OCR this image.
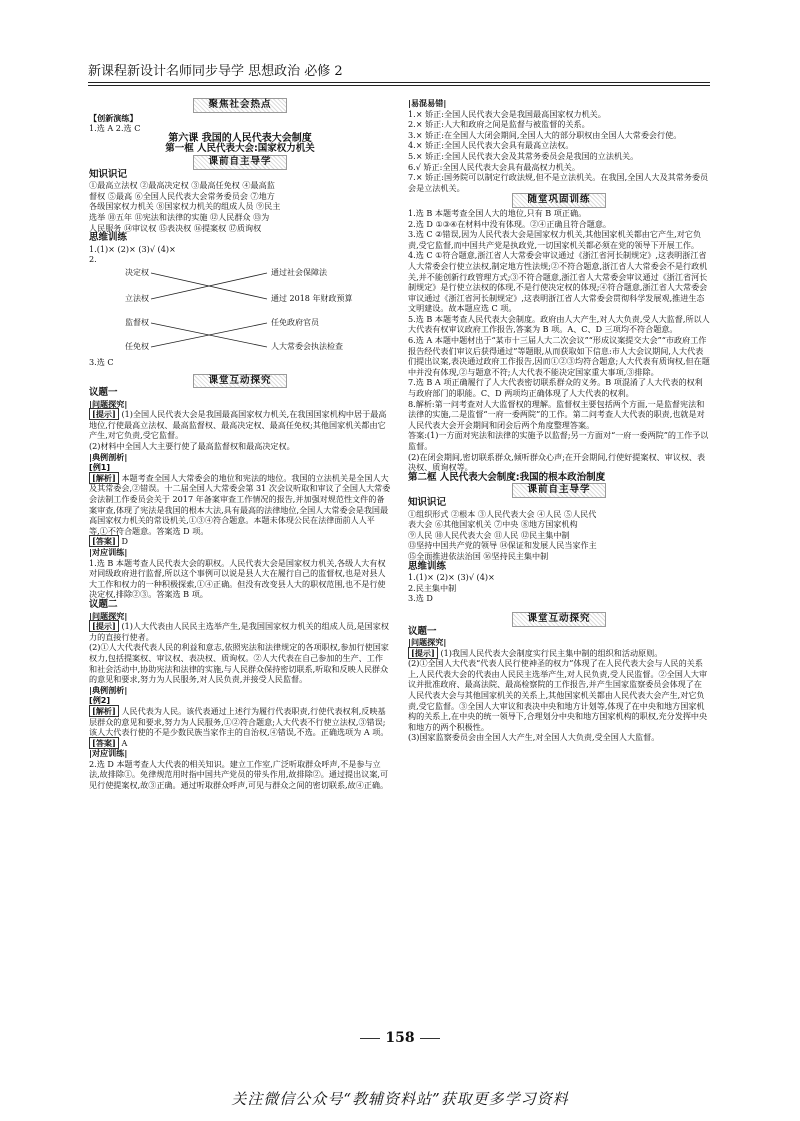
新课程新设计名师同步导学 思想政治 必修 2
聚焦社会热点
【创新演练】

1.选 A 2.选 C

第六课 我国的人民代表大会制度
第一框 人民代表大会:国家权力机关
课前自主导学
知识识记

①最高立法权 ②最高决定权 ③最高任免权 ④最高监

督权 ⑤最高 ⑥全国人民代表大会常务委员会 ⑦地方

各级国家权力机关 ⑧国家权力机关的组成人员 ⑨民主

选举 ⑩五年 ⑪宪法和法律的实施 ⑫人民群众 ⑬为

人民服务 ⑭审议权 ⑮表决权 ⑯提案权 ⑰质询权

思维训练

1.(1)× (2)× (3)√ (4)×

2.

决定权
立法权
监督权
任免权
通过社会保障法
通过 2018 年财政预算
任免政府官员
人大常委会执法检查

3.选 C

课堂互动探究
议题一
|问题探究|

[提示] (1)全国人民代表大会是我国最高国家权力机关,在我国国家机构中居于最高地位,行使最高立法权、最高监督权、最高决定权、最高任免权;其他国家机关都由它产生,对它负责,受它监督。

(2)材料中全国人大主要行使了最高监督权和最高决定权。

|典例剖析|
[例1]

[解析] 本题考查全国人大常委会的地位和宪法的地位。我国的立法机关是全国人大及其常委会,②错误。十二届全国人大常委会第 31 次会议听取和审议了全国人大常委会法制工作委员会关于 2017 年备案审查工作情况的报告,并加强对规范性文件的备案审查,体现了宪法是我国的根本大法,具有最高的法律地位,全国人大常委会是我国最高国家权力机关的常设机关,①③④符合题意。本题未体现公民在法律面前人人平等,①不符合题意。答案选 D 项。

[答案] D

|对应训练|

1.选 B 本题考查人民代表大会的职权。人民代表大会是国家权力机关,各级人大有权对同级政府进行监督,所以这个事例可以说是县人大在履行自己的监督权,也是对县人大工作和权力的一种积极探索,①④正确。但没有改变县人大的职权范围,也不是行使决定权,排除②③。答案选 B 项。

议题二
|问题探究|

[提示] (1)人大代表由人民民主选举产生,是我国国家权力机关的组成人员,是国家权力的直接行使者。

(2)①人大代表代表人民的利益和意志,依照宪法和法律规定的各项职权,参加行使国家权力,包括提案权、审议权、表决权、质询权。②人大代表在自己参加的生产、工作和社会活动中,协助宪法和法律的实施,与人民群众保持密切联系,听取和反映人民群众的意见和要求,努力为人民服务,对人民负责,并接受人民监督。

|典例剖析|
[例2]

[解析] 人民代表为人民。该代表通过上述行为履行代表职责,行使代表权利,反映基层群众的意见和要求,努力为人民服务,①②符合题意;人大代表不行使立法权,③错误;该人大代表行使的不是少数民族当家作主的自治权,④错误,不选。正确选项为 A 项。

[答案] A

|对应训练|

2.选 D 本题考查人大代表的相关知识。建立工作室,广泛听取群众呼声,不是参与立法,故排除①。免律规范用时指中国共产党员的带头作用,故排除②。通过提出议案,可见行使提案权,故③正确。通过听取群众呼声,可见与群众之间的密切联系,故④正确。

|易混易错|

1.× 矫正:全国人民代表大会是我国最高国家权力机关。

2.× 矫正:人大和政府之间是监督与被监督的关系。

3.× 矫正:在全国人大闭会期间,全国人大的部分职权由全国人大常委会行使。

4.× 矫正:全国人民代表大会具有最高立法权。

5.× 矫正:全国人民代表大会及其常务委员会是我国的立法机关。

6.√ 矫正:全国人民代表大会具有最高权力机关。

7.× 矫正:国务院可以制定行政法规,但不是立法机关。在我国,全国人大及其常务委员会是立法机关。

随堂巩固训练

1.选 B 本题考查全国人大的地位,只有 B 项正确。

2.选 D ①③④在材料中没有体现。②④正确且符合题意。

3.选 C ②错误,因为人民代表大会是国家权力机关,其他国家机关都由它产生,对它负责,受它监督,而中国共产党是执政党,一切国家机关都必须在党的领导下开展工作。

4.选 C ①符合题意,浙江省人大常委会审议通过《浙江省河长制规定》,这表明浙江省人大常委会行使立法权,制定地方性法规;②不符合题意,浙江省人大常委会不是行政机关,并不能创新行政管理方式;③不符合题意,浙江省人大常委会审议通过《浙江省河长制规定》是行使立法权的体现,不是行使决定权的体现;④符合题意,浙江省人大常委会审议通过《浙江省河长制规定》,这表明浙江省人大常委会贯彻科学发展观,推进生态文明建设。故本题应选 C 项。

5.选 B 本题考查人民代表大会制度。政府由人大产生,对人大负责,受人大监督,所以人大代表有权审议政府工作报告,答案为 B 项。A、C、D 三项均不符合题意。

6.选 A 本题中题材出于“某市十三届人大二次会议”“形成议案提交大会”“市政府工作报告经代表们审议后获得通过”等题眼,从而获取如下信息:市人大会议期间,人大代表们提出议案,表决通过政府工作报告,因而①②③均符合题意;人大代表有质询权,但在题中并没有体现,②与题意不符;人大代表不能决定国家重大事项,③排除。

7.选 B A 项正确履行了人大代表密切联系群众的义务。B 项混淆了人大代表的权利与政府部门的职能。C、D 两项均正确体现了人大代表的权利。

8.解析:第一问考查对人大监督权的理解。监督权主要包括两个方面,一是监督宪法和法律的实施,二是监督“一府一委两院”的工作。第二问考查人大代表的职责,也就是对人民代表大会开会期间和闭会后两个角度整理答案。

答案:(1)一方面对宪法和法律的实施予以监督;另一方面对“一府一委两院”的工作予以监督。

(2)在闭会期间,密切联系群众,倾听群众心声;在开会期间,行使好提案权、审议权、表决权、质询权等。

第二框 人民代表大会制度:我国的根本政治制度
课前自主导学
知识识记

①组织形式 ②根本 ③人民代表大会 ④人民 ⑤人民代

表大会 ⑥其他国家机关 ⑦中央 ⑧地方国家机构

⑨人民 ⑩人民代表大会 ⑪人民 ⑫民主集中制

⑬坚持中国共产党的领导 ⑭保证和发展人民当家作主

⑮全面推进依法治国 ⑯坚持民主集中制

思维训练

1.(1)× (2)× (3)√ (4)×

2.民主集中制

3.选 D

课堂互动探究
议题一
|问题探究|

[提示] (1)我国人民代表大会制度实行民主集中制的组织和活动原则。

(2)①全国人大代表“代表人民行使神圣的权力”体现了在人民代表大会与人民的关系上,人民代表大会的代表由人民民主选举产生,对人民负责,受人民监督。②全国人大审议并批准政府、最高法院、最高检察院的工作报告,并产生国家监察委员会体现了在人民代表大会与其他国家机关的关系上,其他国家机关都由人民代表大会产生,对它负责,受它监督。③全国人大审议和表决中央和地方计划等,体现了在中央和地方国家机构的关系上,在中央的统一领导下,合理划分中央和地方国家机构的职权,充分发挥中央和地方的两个积极性。

(3)国家监察委员会由全国人大产生,对全国人大负责,受全国人大监督。

158
关注微信公众号“教辅资料站”获取更多学习资料
